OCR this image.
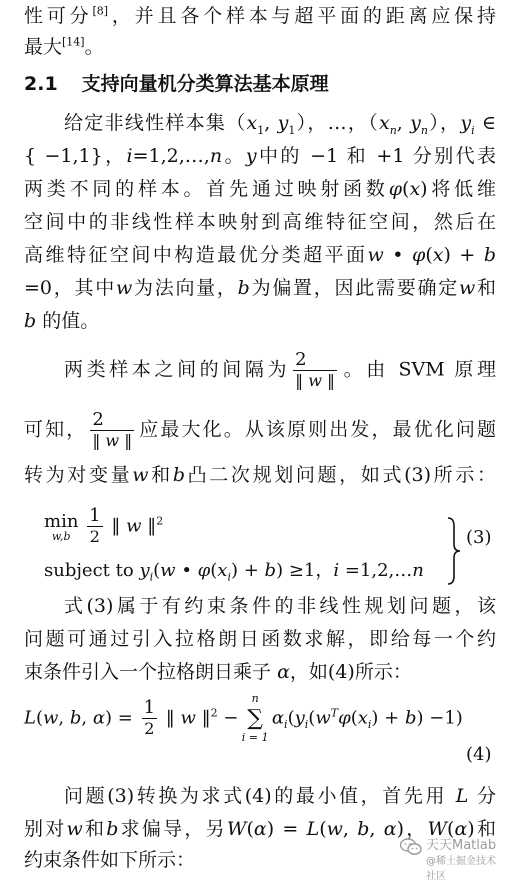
性可分[8]，并且各个样本与超平面的距离应保持
最大[14]。
2.1 支持向量机分类算法基本原理
给定非线性样本集（$x_1$, $y_1$），…，（$x_n$, $y_n$），$y_i$ ∈
{ −1,1}，i=1,2,…,n。y中的 −1 和 +1 分别代表
两类不同的样本。首先通过映射函数φ(x)将低维
空间中的非线性样本映射到高维特征空间，然后在
高维特征空间中构造最优分类超平面w • φ(x) + b
=0，其中w为法向量，b为偏置，因此需要确定w和
b 的值。
两类样本之间的间隔为 $\frac{2}{‖ w ‖}$ 。由 SVM 原理
可知， $\frac{2}{‖ w ‖}$ 应最大化。从该原则出发，最优化问题
转为对变量w和b凸二次规划问题，如式(3)所示：
min

w,b
$\frac{1}{2}$ ‖ w ‖$^2$
subject to $y_i(w$ • $\varphi(x_i) + b) \ge 1$，i =1,2,…n
(3)
式(3)属于有约束条件的非线性规划问题，该
问题可通过引入拉格朗日函数求解，即给每一个约
束条件引入一个拉格朗日乘子 α，如(4)所示：
L(w, b, $\alpha) = \frac{1}{2}$ ‖ w ‖$^2$ −
n
∑
i = 1
$\alpha_i(y_i(w^T\varphi(x_i) + b) -1)$
(4)
问题(3)转换为求式(4)的最小值，首先用 L 分
别对w和b求偏导，另W(α) = L(w, b, α)，W(α)和
约束条件如下所示：
天天Matlab
@稀土掘金技术社区
